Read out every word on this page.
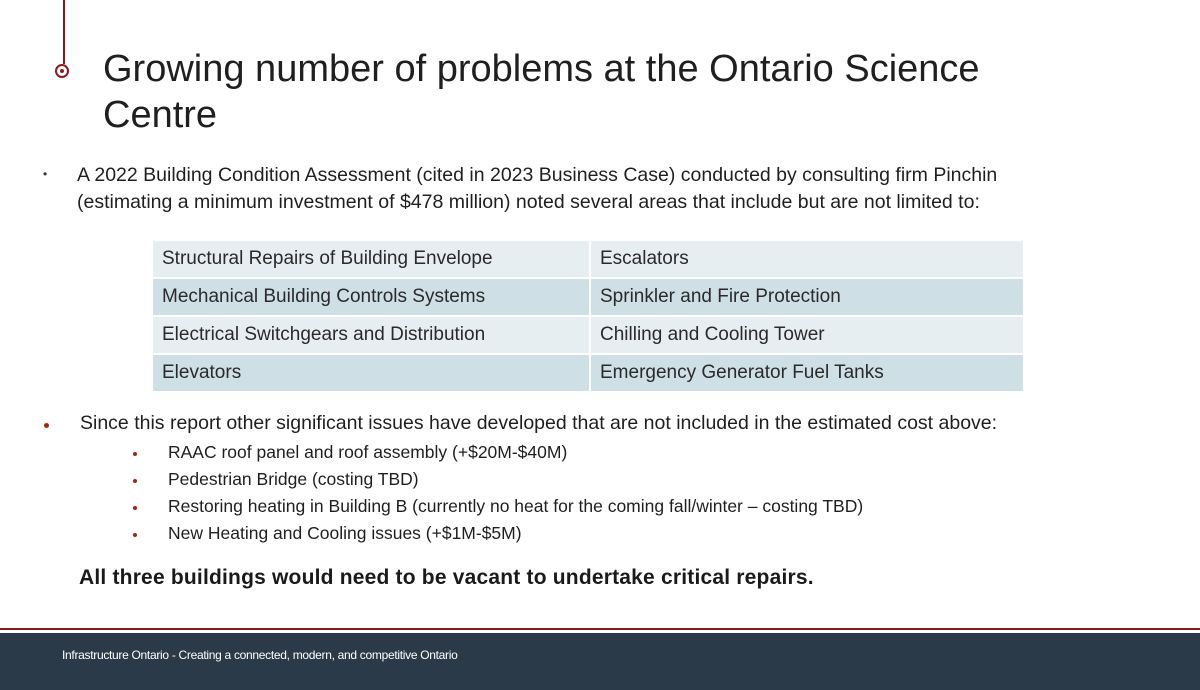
Growing number of problems at the Ontario Science Centre
• A 2022 Building Condition Assessment (cited in 2023 Business Case) conducted by consulting firm Pinchin (estimating a minimum investment of $478 million) noted several areas that include but are not limited to:
Structural Repairs of Building Envelope	Escalators
Mechanical Building Controls Systems	Sprinkler and Fire Protection
Electrical Switchgears and Distribution	Chilling and Cooling Tower
Elevators	Emergency Generator Fuel Tanks
Since this report other significant issues have developed that are not included in the estimated cost above:
RAAC roof panel and roof assembly (+$20M-$40M)
Pedestrian Bridge (costing TBD)
Restoring heating in Building B (currently no heat for the coming fall/winter – costing TBD)
New Heating and Cooling issues (+$1M-$5M)
All three buildings would need to be vacant to undertake critical repairs.
Infrastructure Ontario - Creating a connected, modern, and competitive Ontario
